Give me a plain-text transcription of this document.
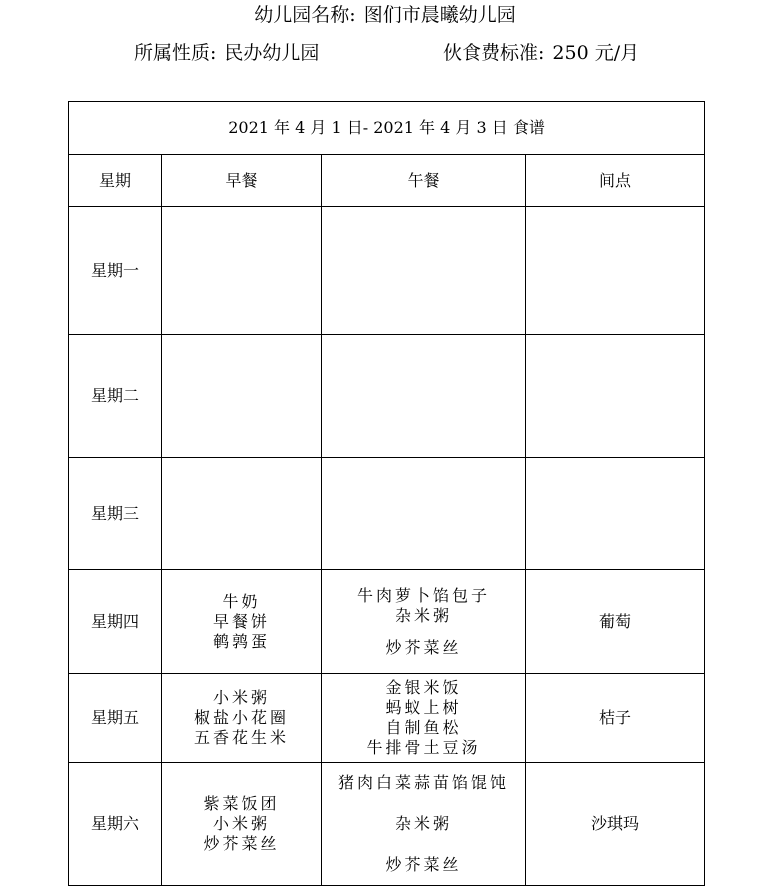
幼儿园名称: 图们市晨曦幼儿园
所属性质: 民办幼儿园	伙食费标准: 250 元/月
2021 年 4 月 1 日- 2021 年 4 月 3 日 食谱			
星期	早餐	午餐	间点
星期一			
星期二			
星期三			
星期四	牛奶
早餐饼
鹌鹑蛋	牛肉萝卜馅包子
杂米粥
炒芥菜丝	葡萄
星期五	小米粥
椒盐小花圈
五香花生米	金银米饭
蚂蚁上树
自制鱼松
牛排骨土豆汤	桔子
星期六	紫菜饭团
小米粥
炒芥菜丝	猪肉白菜蒜苗馅馄饨
杂米粥
炒芥菜丝	沙琪玛
